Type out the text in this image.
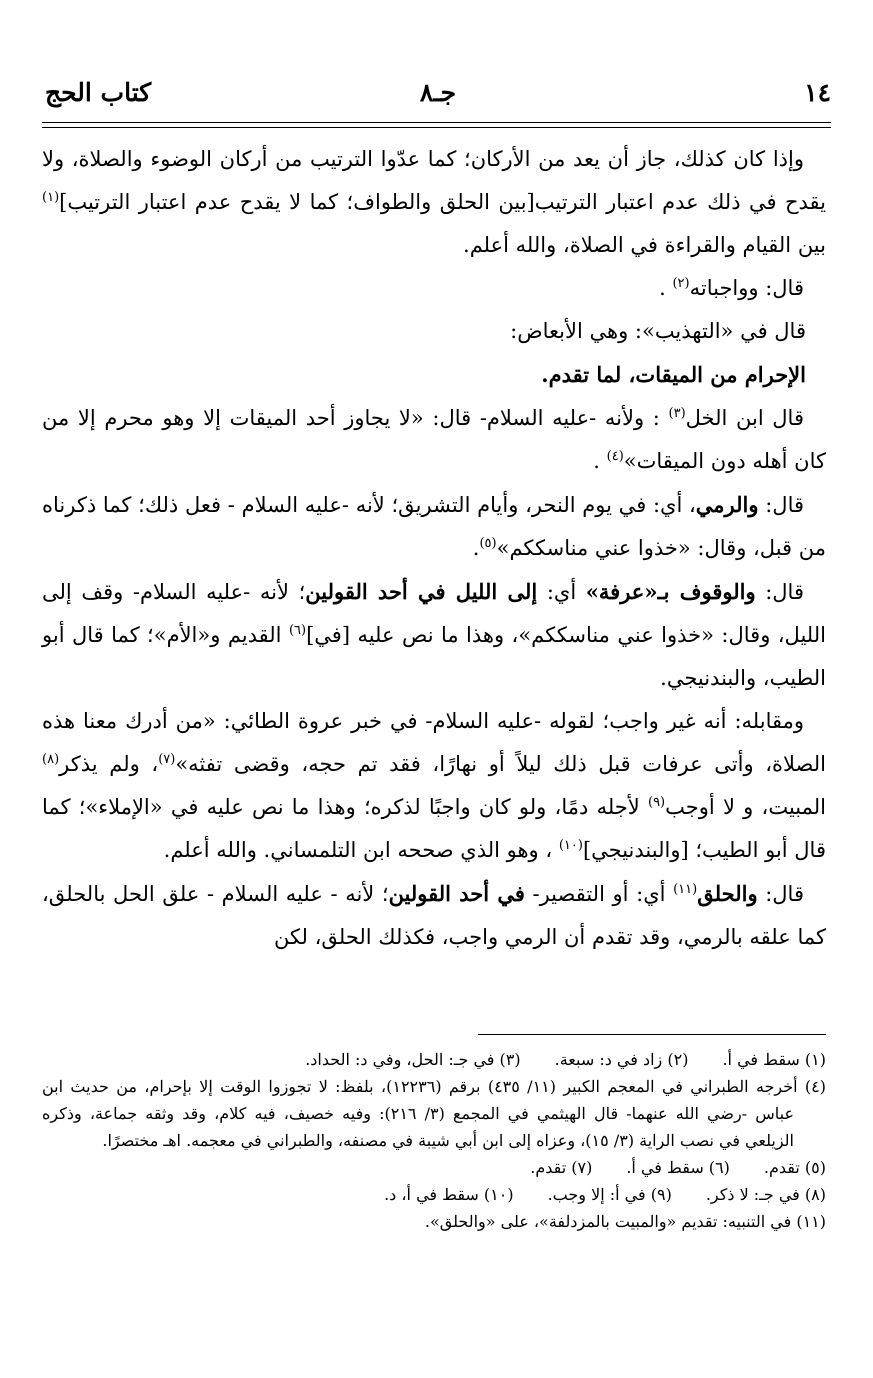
١٤
جـ٨
كتاب الحج

وإذا كان كذلك، جاز أن يعد من الأركان؛ كما عدّوا الترتيب من أركان الوضوء والصلاة، ولا يقدح في ذلك عدم اعتبار الترتيب[بين الحلق والطواف؛ كما لا يقدح عدم اعتبار الترتيب]$^{(١)}$ بين القيام والقراءة في الصلاة، والله أعلم.

قال: وواجباته$^{(٢)}$ .

قال في «التهذيب»: وهي الأبعاض:

الإحرام من الميقات، لما تقدم.

قال ابن الخل$^{(٣)}$ : ولأنه -عليه السلام- قال: «لا يجاوز أحد الميقات إلا وهو محرم إلا من كان أهله دون الميقات»$^{(٤)}$ .

قال: والرمي، أي: في يوم النحر، وأيام التشريق؛ لأنه -عليه السلام - فعل ذلك؛ كما ذكرناه من قبل، وقال: «خذوا عني مناسككم»$^{(٥)}$.

قال: والوقوف بـ«عرفة» أي: إلى الليل في أحد القولين؛ لأنه -عليه السلام- وقف إلى الليل، وقال: «خذوا عني مناسككم»، وهذا ما نص عليه [في]$^{(٦)}$ القديم و«الأم»؛ كما قال أبو الطيب، والبندنيجي.

ومقابله: أنه غير واجب؛ لقوله -عليه السلام- في خبر عروة الطائي: «من أدرك معنا هذه الصلاة، وأتى عرفات قبل ذلك ليلاً أو نهارًا، فقد تم حجه، وقضى تفثه»$^{(٧)}$، ولم يذكر$^{(٨)}$ المبيت، و لا أوجب$^{(٩)}$ لأجله دمًا، ولو كان واجبًا لذكره؛ وهذا ما نص عليه في «الإملاء»؛ كما قال أبو الطيب؛ [والبندنيجي]$^{(١٠)}$ ، وهو الذي صححه ابن التلمساني. والله أعلم.

قال: والحلق$^{(١١)}$ أي: أو التقصير- في أحد القولين؛ لأنه - عليه السلام - علق الحل بالحلق، كما علقه بالرمي، وقد تقدم أن الرمي واجب، فكذلك الحلق، لكن

(١) سقط في أ.
(٢) زاد في د: سبعة.
(٣) في جـ: الحل، وفي د: الحداد.

(٤) أخرجه الطبراني في المعجم الكبير (١١/ ٤٣٥) برقم (١٢٢٣٦)، بلفظ: لا تجوزوا الوقت إلا بإحرام، من حديث ابن عباس -رضي الله عنهما- قال الهيثمي في المجمع (٣/ ٢١٦): وفيه خصيف، فيه كلام، وقد وثقه جماعة، وذكره الزيلعي في نصب الراية (٣/ ١٥)، وعزاه إلى ابن أبي شيبة في مصنفه، والطبراني في معجمه. اهـ مختصرًا.

(٥) تقدم.
(٦) سقط في أ.
(٧) تقدم.

(٨) في جـ: لا ذكر.
(٩) في أ: إلا وجب.
(١٠) سقط في أ، د.

(١١) في التنبيه: تقديم «والمبيت بالمزدلفة»، على «والحلق».
